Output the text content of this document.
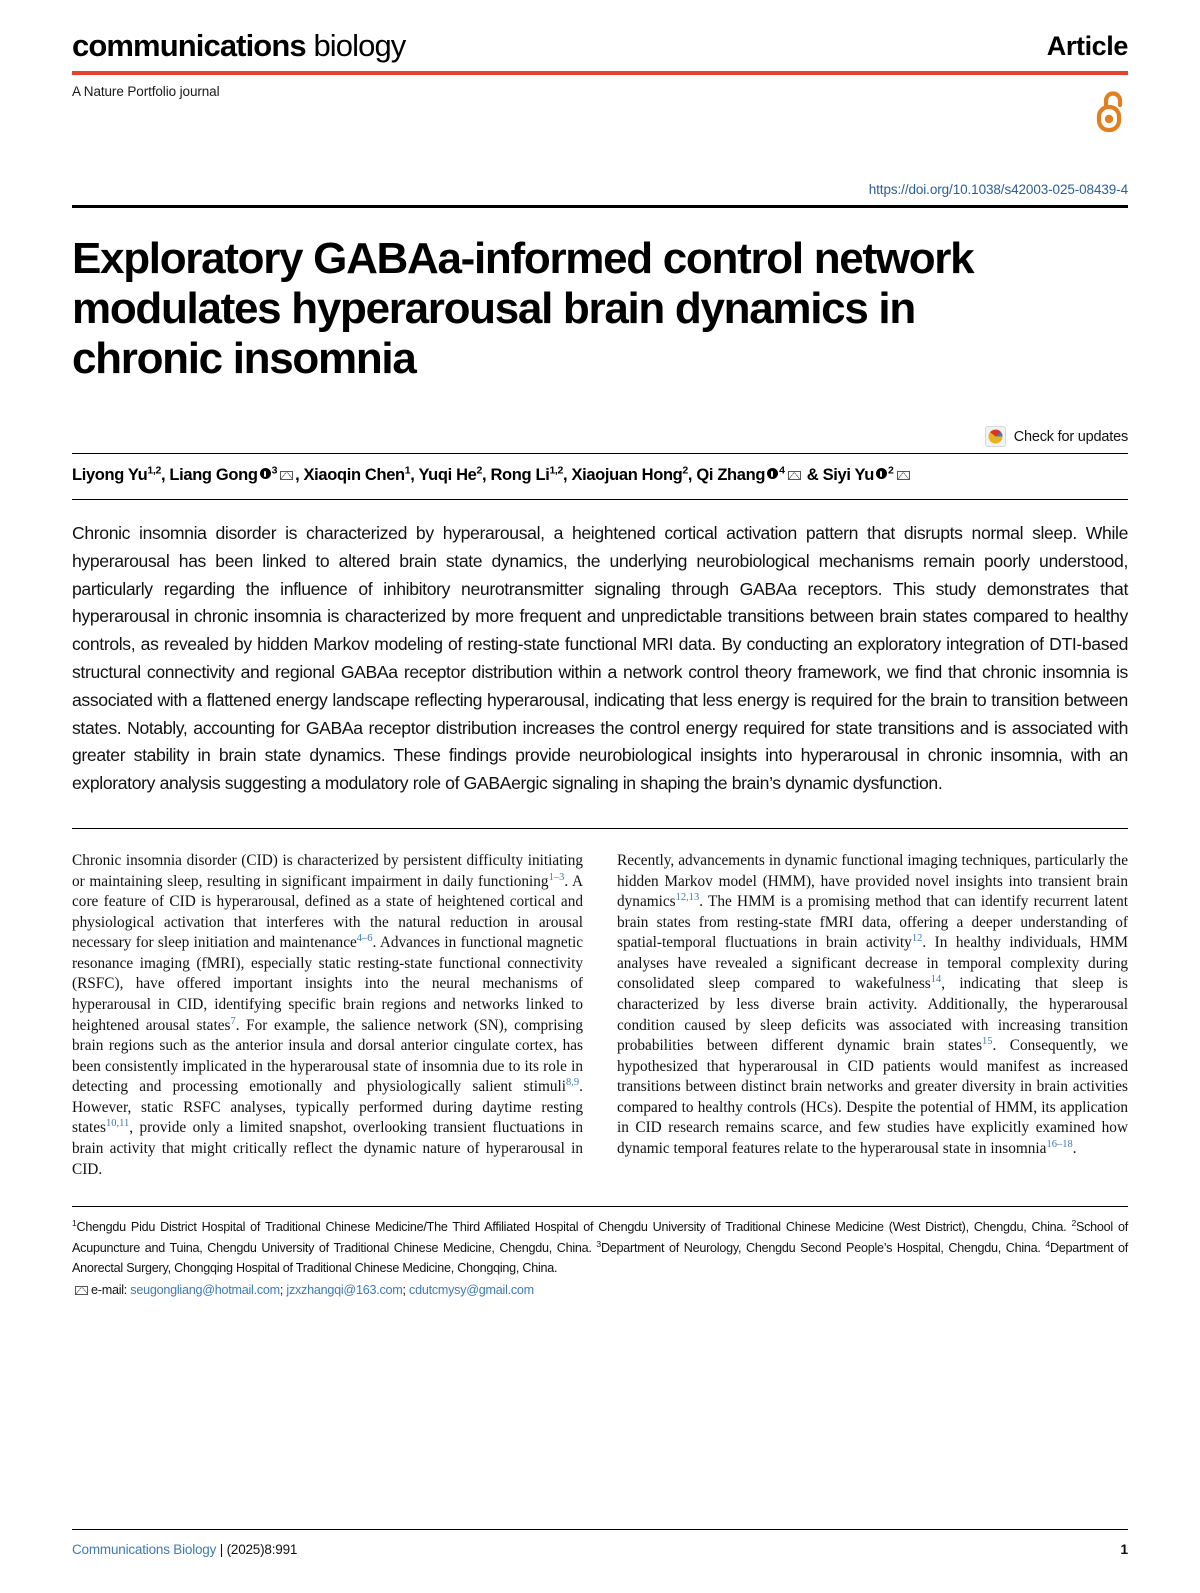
communications biology	Article
A Nature Portfolio journal
https://doi.org/10.1038/s42003-025-08439-4
Exploratory GABAa-informed control network modulates hyperarousal brain dynamics in chronic insomnia
Check for updates
Liyong Yu$^{1,2}$, Liang Gong $^3$ , Xiaoqin Chen$^1$, Yuqi He$^2$, Rong Li$^{1,2}$, Xiaojuan Hong$^2$, Qi Zhang $^4$ & Siyi Yu $^2$
Chronic insomnia disorder is characterized by hyperarousal, a heightened cortical activation pattern that disrupts normal sleep. While hyperarousal has been linked to altered brain state dynamics, the underlying neurobiological mechanisms remain poorly understood, particularly regarding the influence of inhibitory neurotransmitter signaling through GABAa receptors. This study demonstrates that hyperarousal in chronic insomnia is characterized by more frequent and unpredictable transitions between brain states compared to healthy controls, as revealed by hidden Markov modeling of resting-state functional MRI data. By conducting an exploratory integration of DTI-based structural connectivity and regional GABAa receptor distribution within a network control theory framework, we find that chronic insomnia is associated with a flattened energy landscape reflecting hyperarousal, indicating that less energy is required for the brain to transition between states. Notably, accounting for GABAa receptor distribution increases the control energy required for state transitions and is associated with greater stability in brain state dynamics. These findings provide neurobiological insights into hyperarousal in chronic insomnia, with an exploratory analysis suggesting a modulatory role of GABAergic signaling in shaping the brain’s dynamic dysfunction.

Chronic insomnia disorder (CID) is characterized by persistent difficulty initiating or maintaining sleep, resulting in significant impairment in daily functioning$^{1-3}$. A core feature of CID is hyperarousal, defined as a state of heightened cortical and physiological activation that interferes with the natural reduction in arousal necessary for sleep initiation and maintenance$^{4-6}$. Advances in functional magnetic resonance imaging (fMRI), especially static resting-state functional connectivity (RSFC), have offered important insights into the neural mechanisms of hyperarousal in CID, identifying specific brain regions and networks linked to heightened arousal states$^7$. For example, the salience network (SN), comprising brain regions such as the anterior insula and dorsal anterior cingulate cortex, has been consistently implicated in the hyperarousal state of insomnia due to its role in detecting and processing emotionally and physiologically salient stimuli$^{8,9}$. However, static RSFC analyses, typically performed during daytime resting states$^{10,11}$, provide only a limited snapshot, overlooking transient fluctuations in brain activity that might critically reflect the dynamic nature of hyperarousal in CID.

Recently, advancements in dynamic functional imaging techniques, particularly the hidden Markov model (HMM), have provided novel insights into transient brain dynamics$^{12,13}$. The HMM is a promising method that can identify recurrent latent brain states from resting-state fMRI data, offering a deeper understanding of spatial-temporal fluctuations in brain activity$^{12}$. In healthy individuals, HMM analyses have revealed a significant decrease in temporal complexity during consolidated sleep compared to wakefulness$^{14}$, indicating that sleep is characterized by less diverse brain activity. Additionally, the hyperarousal condition caused by sleep deficits was associated with increasing transition probabilities between different dynamic brain states$^{15}$. Consequently, we hypothesized that hyperarousal in CID patients would manifest as increased transitions between distinct brain networks and greater diversity in brain activities compared to healthy controls (HCs). Despite the potential of HMM, its application in CID research remains scarce, and few studies have explicitly examined how dynamic temporal features relate to the hyperarousal state in insomnia$^{16-18}$.

$^1$Chengdu Pidu District Hospital of Traditional Chinese Medicine/The Third Affiliated Hospital of Chengdu University of Traditional Chinese Medicine (West District), Chengdu, China. $^2$School of Acupuncture and Tuina, Chengdu University of Traditional Chinese Medicine, Chengdu, China. $^3$Department of Neurology, Chengdu Second People’s Hospital, Chengdu, China. $^4$Department of Anorectal Surgery, Chongqing Hospital of Traditional Chinese Medicine, Chongqing, China.
e-mail: seugongliang@hotmail.com; jzxzhangqi@163.com; cdutcmysy@gmail.com
Communications Biology | (2025)8:991	1
